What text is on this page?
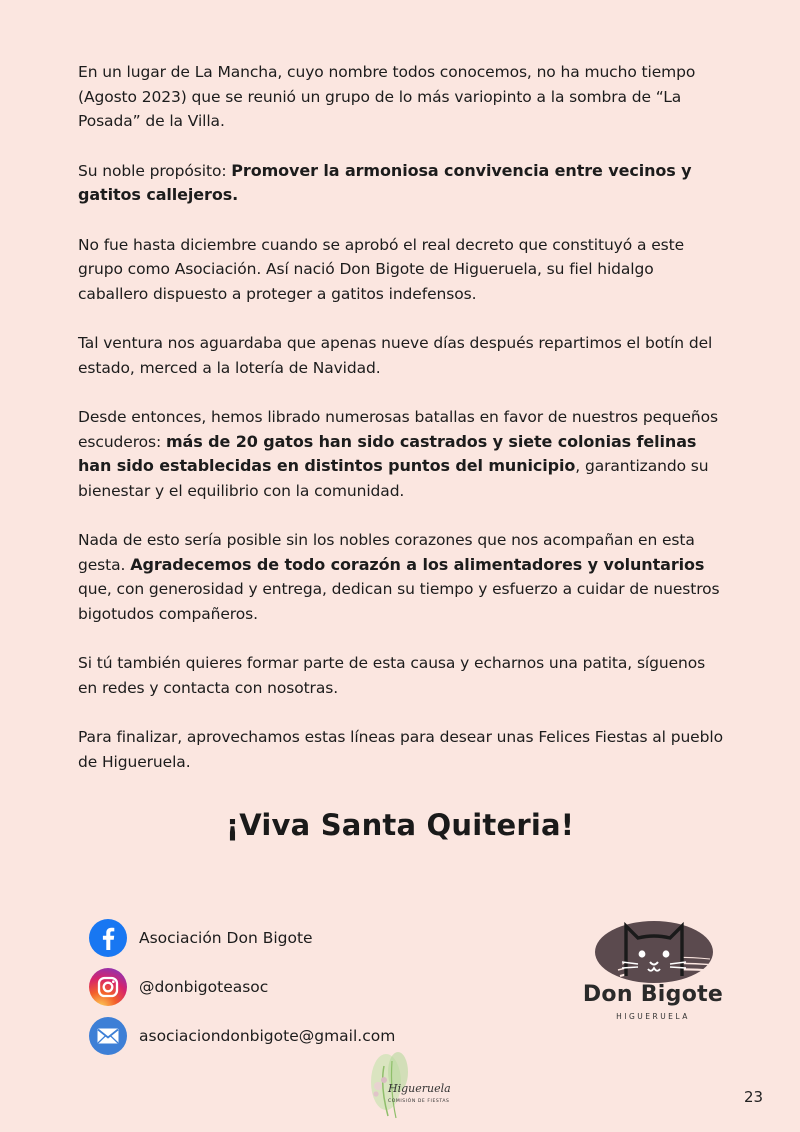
En un lugar de La Mancha, cuyo nombre todos conocemos, no ha mucho tiempo (Agosto 2023) que se reunió un grupo de lo más variopinto a la sombra de “La Posada” de la Villa.

Su noble propósito: Promover la armoniosa convivencia entre vecinos y gatitos callejeros.

No fue hasta diciembre cuando se aprobó el real decreto que constituyó a este grupo como Asociación. Así nació Don Bigote de Higueruela, su fiel hidalgo caballero dispuesto a proteger a gatitos indefensos.

Tal ventura nos aguardaba que apenas nueve días después repartimos el botín del estado, merced a la lotería de Navidad.

Desde entonces, hemos librado numerosas batallas en favor de nuestros pequeños escuderos: más de 20 gatos han sido castrados y siete colonias felinas han sido establecidas en distintos puntos del municipio, garantizando su bienestar y el equilibrio con la comunidad.

Nada de esto sería posible sin los nobles corazones que nos acompañan en esta gesta. Agradecemos de todo corazón a los alimentadores y voluntarios que, con generosidad y entrega, dedican su tiempo y esfuerzo a cuidar de nuestros bigotudos compañeros.

Si tú también quieres formar parte de esta causa y echarnos una patita, síguenos en redes y contacta con nosotras.

Para finalizar, aprovechamos estas líneas para desear unas Felices Fiestas al pueblo de Higueruela.

¡Viva Santa Quiteria!
Asociación Don Bigote
@donbigoteasoc
asociaciondonbigote@gmail.com
Don Bigote
HIGUERUELA
Higueruela
COMISIÓN DE FIESTAS	23
